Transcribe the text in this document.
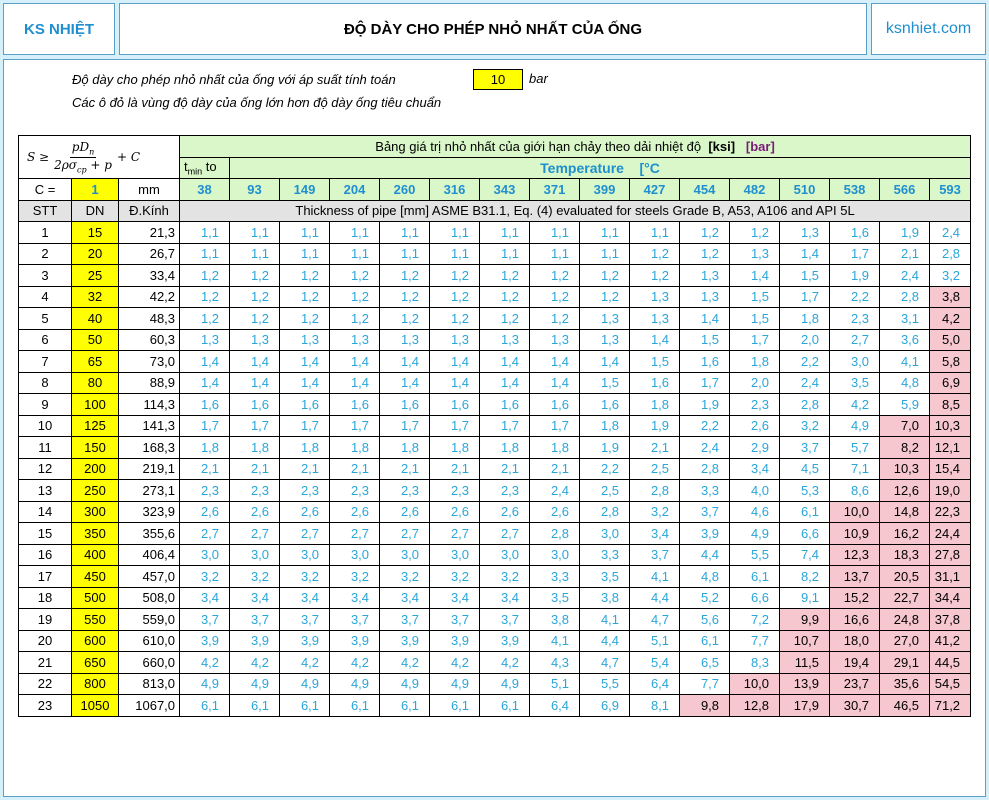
KS NHIỆT	ĐỘ DÀY CHO PHÉP NHỎ NHẤT CỦA ỐNG	ksnhiet.com
Độ dày cho phép nhỏ nhất của ống với áp suất tính toán	10	bar
Các ô đỏ là vùng độ dày của ống lớn hơn độ dày ống tiêu chuẩn
S ≥
$pD_n$
$2\rho\sigma_{cp} + p$
+ C			Bảng giá trị nhỏ nhất của giới hạn chảy theo dải nhiệt độ [ksi] [bar]															
			$t_{min}$ to	Temperature [°C														
C =	1	mm	38	93	149	204	260	316	343	371	399	427	454	482	510	538	566	593
STT	DN	Đ.Kính	Thickness of pipe [mm] ASME B31.1, Eq. (4) evaluated for steels Grade B, A53, A106 and API 5L															
1	15	21,3	1,1	1,1	1,1	1,1	1,1	1,1	1,1	1,1	1,1	1,1	1,2	1,2	1,3	1,6	1,9	2,4
2	20	26,7	1,1	1,1	1,1	1,1	1,1	1,1	1,1	1,1	1,1	1,2	1,2	1,3	1,4	1,7	2,1	2,8
3	25	33,4	1,2	1,2	1,2	1,2	1,2	1,2	1,2	1,2	1,2	1,2	1,3	1,4	1,5	1,9	2,4	3,2
4	32	42,2	1,2	1,2	1,2	1,2	1,2	1,2	1,2	1,2	1,2	1,3	1,3	1,5	1,7	2,2	2,8	3,8
5	40	48,3	1,2	1,2	1,2	1,2	1,2	1,2	1,2	1,2	1,3	1,3	1,4	1,5	1,8	2,3	3,1	4,2
6	50	60,3	1,3	1,3	1,3	1,3	1,3	1,3	1,3	1,3	1,3	1,4	1,5	1,7	2,0	2,7	3,6	5,0
7	65	73,0	1,4	1,4	1,4	1,4	1,4	1,4	1,4	1,4	1,4	1,5	1,6	1,8	2,2	3,0	4,1	5,8
8	80	88,9	1,4	1,4	1,4	1,4	1,4	1,4	1,4	1,4	1,5	1,6	1,7	2,0	2,4	3,5	4,8	6,9
9	100	114,3	1,6	1,6	1,6	1,6	1,6	1,6	1,6	1,6	1,6	1,8	1,9	2,3	2,8	4,2	5,9	8,5
10	125	141,3	1,7	1,7	1,7	1,7	1,7	1,7	1,7	1,7	1,8	1,9	2,2	2,6	3,2	4,9	7,0	10,3
11	150	168,3	1,8	1,8	1,8	1,8	1,8	1,8	1,8	1,8	1,9	2,1	2,4	2,9	3,7	5,7	8,2	12,1
12	200	219,1	2,1	2,1	2,1	2,1	2,1	2,1	2,1	2,1	2,2	2,5	2,8	3,4	4,5	7,1	10,3	15,4
13	250	273,1	2,3	2,3	2,3	2,3	2,3	2,3	2,3	2,4	2,5	2,8	3,3	4,0	5,3	8,6	12,6	19,0
14	300	323,9	2,6	2,6	2,6	2,6	2,6	2,6	2,6	2,6	2,8	3,2	3,7	4,6	6,1	10,0	14,8	22,3
15	350	355,6	2,7	2,7	2,7	2,7	2,7	2,7	2,7	2,8	3,0	3,4	3,9	4,9	6,6	10,9	16,2	24,4
16	400	406,4	3,0	3,0	3,0	3,0	3,0	3,0	3,0	3,0	3,3	3,7	4,4	5,5	7,4	12,3	18,3	27,8
17	450	457,0	3,2	3,2	3,2	3,2	3,2	3,2	3,2	3,3	3,5	4,1	4,8	6,1	8,2	13,7	20,5	31,1
18	500	508,0	3,4	3,4	3,4	3,4	3,4	3,4	3,4	3,5	3,8	4,4	5,2	6,6	9,1	15,2	22,7	34,4
19	550	559,0	3,7	3,7	3,7	3,7	3,7	3,7	3,7	3,8	4,1	4,7	5,6	7,2	9,9	16,6	24,8	37,8
20	600	610,0	3,9	3,9	3,9	3,9	3,9	3,9	3,9	4,1	4,4	5,1	6,1	7,7	10,7	18,0	27,0	41,2
21	650	660,0	4,2	4,2	4,2	4,2	4,2	4,2	4,2	4,3	4,7	5,4	6,5	8,3	11,5	19,4	29,1	44,5
22	800	813,0	4,9	4,9	4,9	4,9	4,9	4,9	4,9	5,1	5,5	6,4	7,7	10,0	13,9	23,7	35,6	54,5
23	1050	1067,0	6,1	6,1	6,1	6,1	6,1	6,1	6,1	6,4	6,9	8,1	9,8	12,8	17,9	30,7	46,5	71,2
